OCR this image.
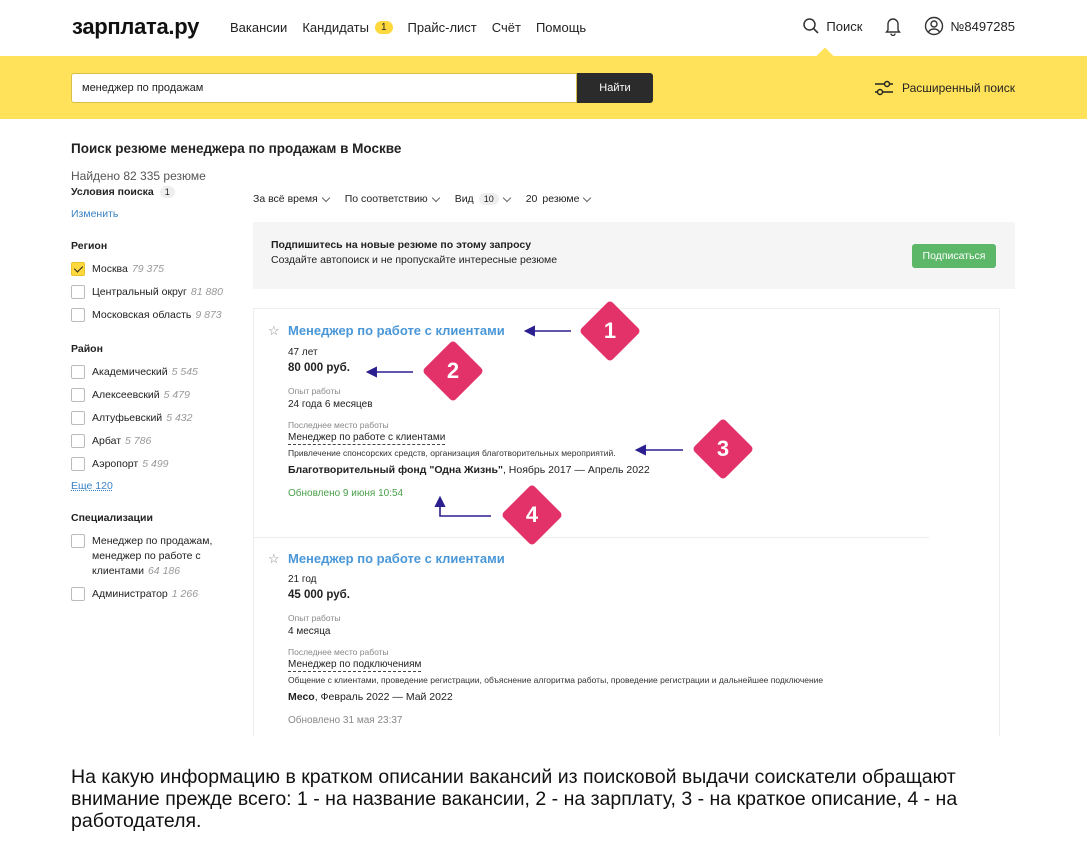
зарплата.ру Вакансии Кандидаты	1	Прайс-лист Счёт Помощь	Поиск	№8497285
менеджер по продажам
Найти	Расширенный поиск
Поиск резюме менеджера по продажам в Москве
Найдено 82 335 резюме
Условия поиска	1
Изменить
Регион
Москва 79 375
Центральный округ 81 880
Московская область 9 873
Район
Академический 5 545
Алексеевский 5 479
Алтуфьевский 5 432
Арбат 5 786
Аэропорт 5 499
Еще 120
Специализации
Менеджер по продажам, менеджер по работе с клиентами 64 186
Администратор 1 266
За всё время	По соответствию	Вид	10	20 резюме
Подпишитесь на новые резюме по этому запросу
Создайте автопоиск и не пропускайте интересные резюме	Подписаться
☆ Менеджер по работе с клиентами
47 лет
80 000 руб.
Опыт работы
24 года 6 месяцев
Последнее место работы
Менеджер по работе с клиентами
Привлечение спонсорских средств, организация благотворительных мероприятий.
Благотворительный фонд "Одна Жизнь", Ноябрь 2017 — Апрель 2022
Обновлено 9 июня 10:54
☆ Менеджер по работе с клиентами
21 год
45 000 руб.
Опыт работы
4 месяца
Последнее место работы
Менеджер по подключениям
Общение с клиентами, проведение регистрации, объяснение алгоритма работы, проведение регистрации и дальнейшее подключение
Месо, Февраль 2022 — Май 2022
Обновлено 31 мая 23:37
1
2
3
4
На какую информацию в кратком описании вакансий из поисковой выдачи соискатели обращают внимание прежде всего: 1 - на название вакансии, 2 - на зарплату, 3 - на краткое описание, 4 - на работодателя.
